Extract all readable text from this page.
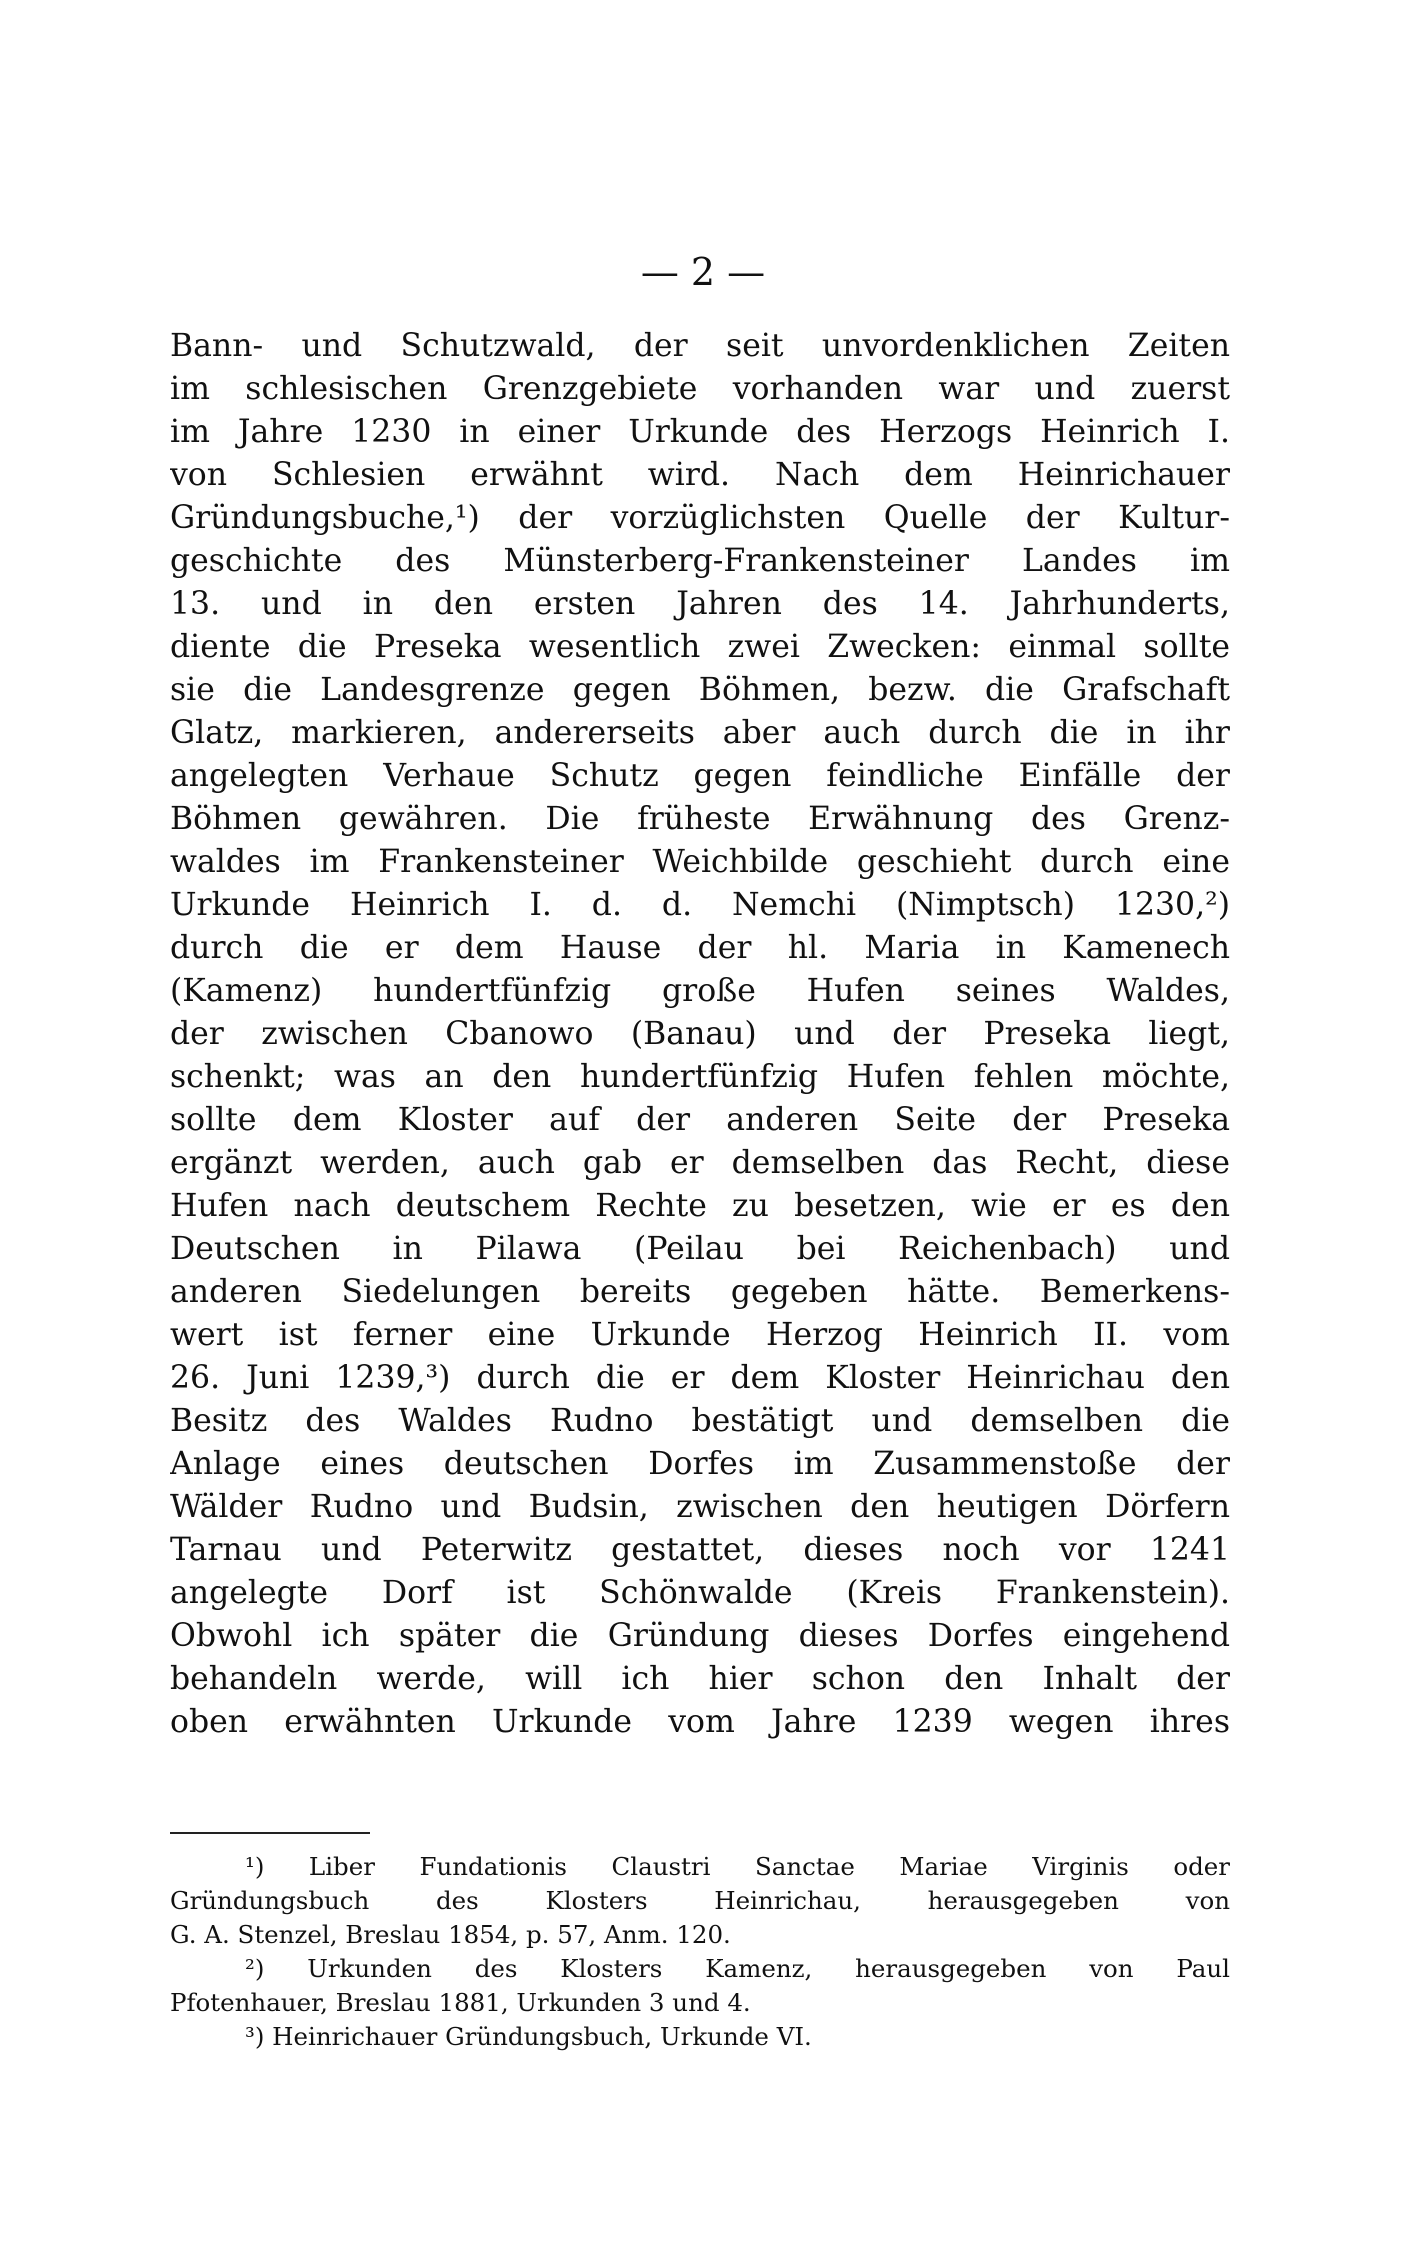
— 2 —
Bann- und Schutzwald, der seit unvordenklichen Zeiten
im schlesischen Grenzgebiete vorhanden war und zuerst
im Jahre 1230 in einer Urkunde des Herzogs Heinrich I.
von Schlesien erwähnt wird. Nach dem Heinrichauer
Gründungsbuche,¹) der vorzüglichsten Quelle der Kultur-
geschichte des Münsterberg-Frankensteiner Landes im
13. und in den ersten Jahren des 14. Jahrhunderts,
diente die Preseka wesentlich zwei Zwecken: einmal sollte
sie die Landesgrenze gegen Böhmen, bezw. die Grafschaft
Glatz, markieren, andererseits aber auch durch die in ihr
angelegten Verhaue Schutz gegen feindliche Einfälle der
Böhmen gewähren. Die früheste Erwähnung des Grenz-
waldes im Frankensteiner Weichbilde geschieht durch eine
Urkunde Heinrich I. d. d. Nemchi (Nimptsch) 1230,²)
durch die er dem Hause der hl. Maria in Kamenech
(Kamenz) hundertfünfzig große Hufen seines Waldes,
der zwischen Cbanowo (Banau) und der Preseka liegt,
schenkt; was an den hundertfünfzig Hufen fehlen möchte,
sollte dem Kloster auf der anderen Seite der Preseka
ergänzt werden, auch gab er demselben das Recht, diese
Hufen nach deutschem Rechte zu besetzen, wie er es den
Deutschen in Pilawa (Peilau bei Reichenbach) und
anderen Siedelungen bereits gegeben hätte. Bemerkens-
wert ist ferner eine Urkunde Herzog Heinrich II. vom
26. Juni 1239,³) durch die er dem Kloster Heinrichau den
Besitz des Waldes Rudno bestätigt und demselben die
Anlage eines deutschen Dorfes im Zusammenstoße der
Wälder Rudno und Budsin, zwischen den heutigen Dörfern
Tarnau und Peterwitz gestattet, dieses noch vor 1241
angelegte Dorf ist Schönwalde (Kreis Frankenstein).
Obwohl ich später die Gründung dieses Dorfes eingehend
behandeln werde, will ich hier schon den Inhalt der
oben erwähnten Urkunde vom Jahre 1239 wegen ihres
¹) Liber Fundationis Claustri Sanctae Mariae Virginis oder
Gründungsbuch des Klosters Heinrichau, herausgegeben von
G. A. Stenzel, Breslau 1854, p. 57, Anm. 120.
²) Urkunden des Klosters Kamenz, herausgegeben von Paul
Pfotenhauer, Breslau 1881, Urkunden 3 und 4.
³) Heinrichauer Gründungsbuch, Urkunde VI.
